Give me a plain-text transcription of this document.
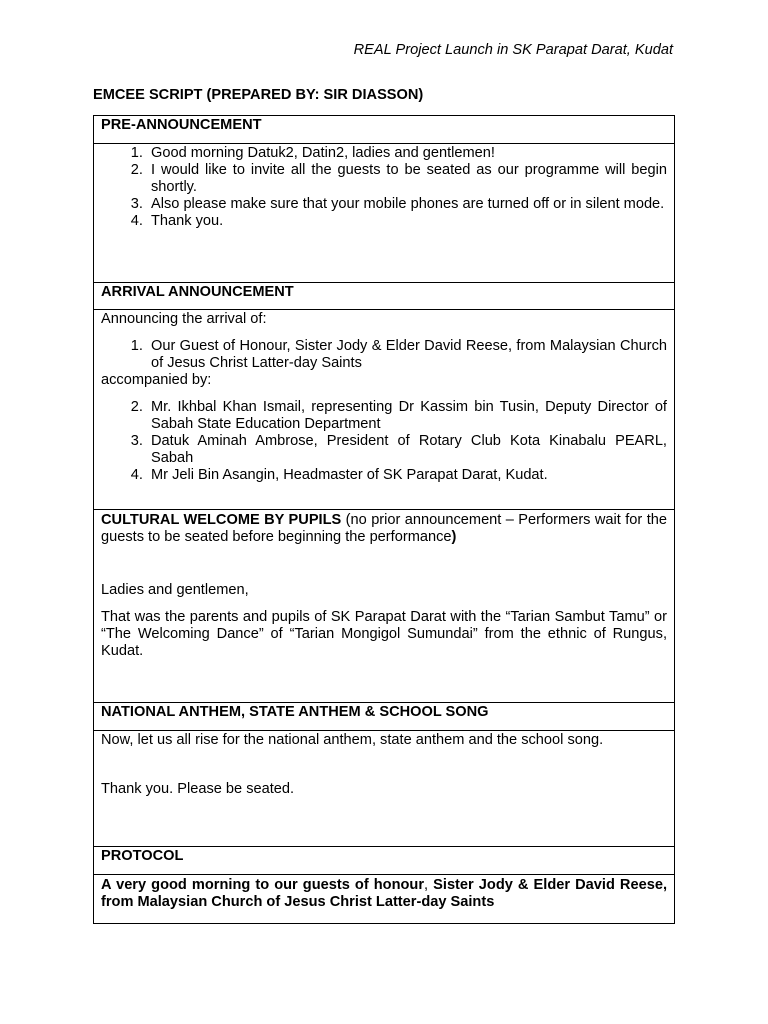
REAL Project Launch in SK Parapat Darat, Kudat
EMCEE SCRIPT (PREPARED BY: SIR DIASSON)
PRE-ANNOUNCEMENT

1. Good morning Datuk2, Datin2, ladies and gentlemen!
2. I would like to invite all the guests to be seated as our programme will begin shortly.
3. Also please make sure that your mobile phones are turned off or in silent mode.
4. Thank you.

ARRIVAL ANNOUNCEMENT

Announcing the arrival of:

1. Our Guest of Honour, Sister Jody & Elder David Reese, from Malaysian Church of Jesus Christ Latter-day Saints

accompanied by:

2. Mr. Ikhbal Khan Ismail, representing Dr Kassim bin Tusin, Deputy Director of Sabah State Education Department
3. Datuk Aminah Ambrose, President of Rotary Club Kota Kinabalu PEARL, Sabah
4. Mr Jeli Bin Asangin, Headmaster of SK Parapat Darat, Kudat.

CULTURAL WELCOME BY PUPILS (no prior announcement – Performers wait for the guests to be seated before beginning the performance)

Ladies and gentlemen,

That was the parents and pupils of SK Parapat Darat with the “Tarian Sambut Tamu” or “The Welcoming Dance” of “Tarian Mongigol Sumundai” from the ethnic of Rungus, Kudat.

NATIONAL ANTHEM, STATE ANTHEM & SCHOOL SONG

Now, let us all rise for the national anthem, state anthem and the school song.

Thank you. Please be seated.

PROTOCOL

A very good morning to our guests of honour, Sister Jody & Elder David Reese, from Malaysian Church of Jesus Christ Latter-day Saints
